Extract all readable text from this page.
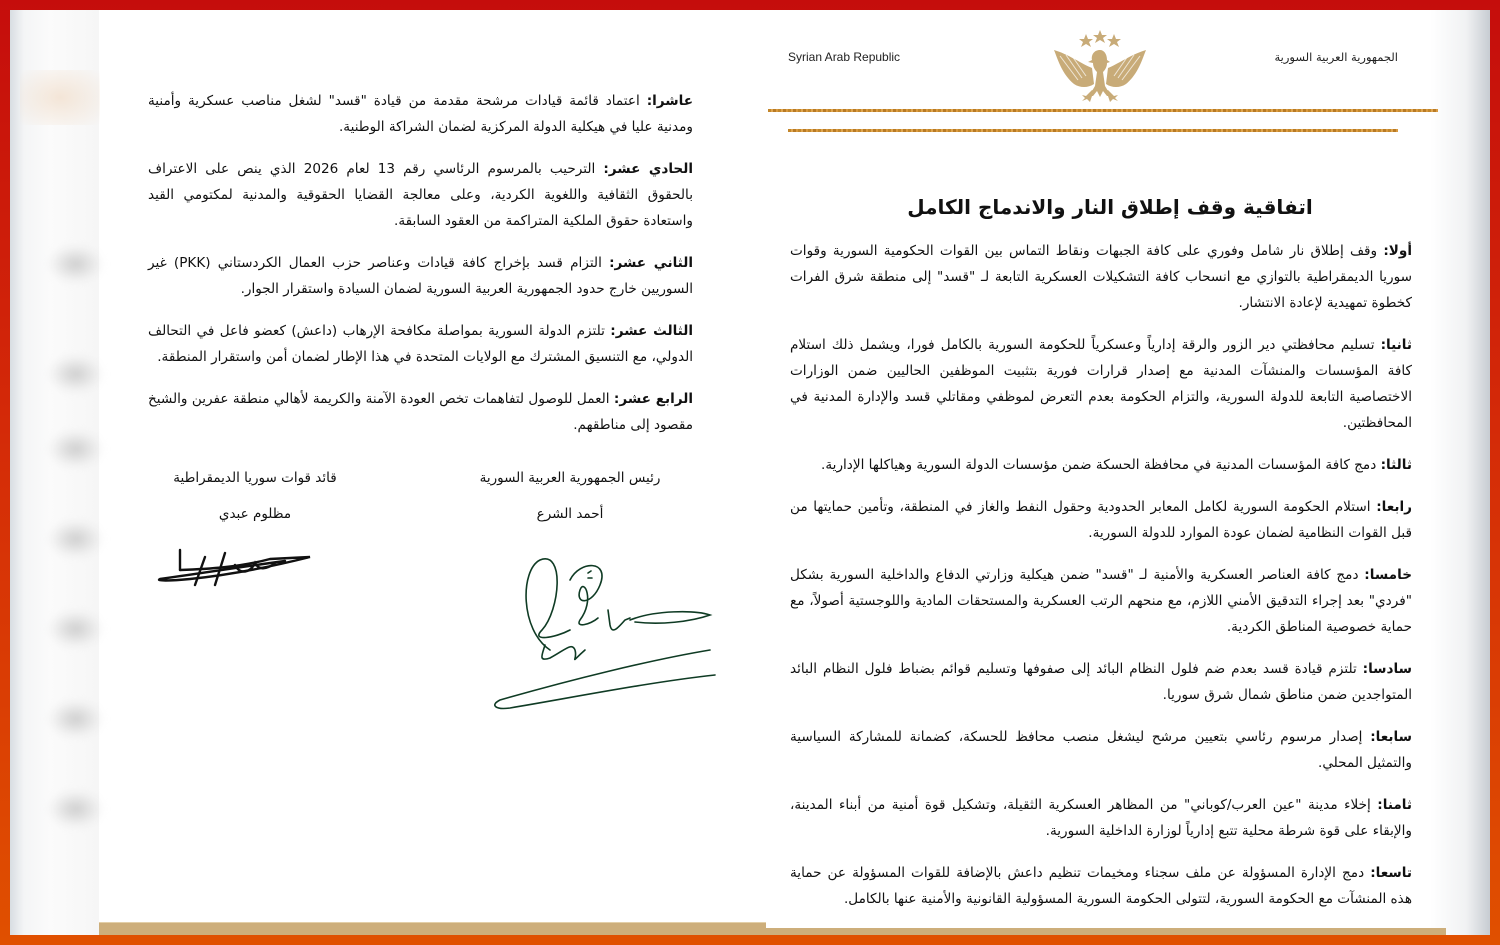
Syrian Arab Republic	الجمهورية العربية السورية
اتفاقية وقف إطلاق النار والاندماج الكامل

أولا: وقف إطلاق نار شامل وفوري على كافة الجبهات ونقاط التماس بين القوات الحكومية السورية وقوات سوريا الديمقراطية بالتوازي مع انسحاب كافة التشكيلات العسكرية التابعة لـ "قسد" إلى منطقة شرق الفرات كخطوة تمهيدية لإعادة الانتشار.

ثانيا: تسليم محافظتي دير الزور والرقة إدارياً وعسكرياً للحكومة السورية بالكامل فورا، ويشمل ذلك استلام كافة المؤسسات والمنشآت المدنية مع إصدار قرارات فورية بتثبيت الموظفين الحاليين ضمن الوزارات الاختصاصية التابعة للدولة السورية، والتزام الحكومة بعدم التعرض لموظفي ومقاتلي قسد والإدارة المدنية في المحافظتين.

ثالثا: دمج كافة المؤسسات المدنية في محافظة الحسكة ضمن مؤسسات الدولة السورية وهياكلها الإدارية.

رابعا: استلام الحكومة السورية لكامل المعابر الحدودية وحقول النفط والغاز في المنطقة، وتأمين حمايتها من قبل القوات النظامية لضمان عودة الموارد للدولة السورية.

خامسا: دمج كافة العناصر العسكرية والأمنية لـ "قسد" ضمن هيكلية وزارتي الدفاع والداخلية السورية بشكل "فردي" بعد إجراء التدقيق الأمني اللازم، مع منحهم الرتب العسكرية والمستحقات المادية واللوجستية أصولاً، مع حماية خصوصية المناطق الكردية.

سادسا: تلتزم قيادة قسد بعدم ضم فلول النظام البائد إلى صفوفها وتسليم قوائم بضباط فلول النظام البائد المتواجدين ضمن مناطق شمال شرق سوريا.

سابعا: إصدار مرسوم رئاسي بتعيين مرشح ليشغل منصب محافظ للحسكة، كضمانة للمشاركة السياسية والتمثيل المحلي.

ثامنا: إخلاء مدينة "عين العرب/كوباني" من المظاهر العسكرية الثقيلة، وتشكيل قوة أمنية من أبناء المدينة، والإبقاء على قوة شرطة محلية تتبع إدارياً لوزارة الداخلية السورية.

تاسعا: دمج الإدارة المسؤولة عن ملف سجناء ومخيمات تنظيم داعش بالإضافة للقوات المسؤولة عن حماية هذه المنشآت مع الحكومة السورية، لتتولى الحكومة السورية المسؤولية القانونية والأمنية عنها بالكامل.

عاشرا: اعتماد قائمة قيادات مرشحة مقدمة من قيادة "قسد" لشغل مناصب عسكرية وأمنية ومدنية عليا في هيكلية الدولة المركزية لضمان الشراكة الوطنية.

الحادي عشر: الترحيب بالمرسوم الرئاسي رقم 13 لعام 2026 الذي ينص على الاعتراف بالحقوق الثقافية واللغوية الكردية، وعلى معالجة القضايا الحقوقية والمدنية لمكتومي القيد واستعادة حقوق الملكية المتراكمة من العقود السابقة.

الثاني عشر: التزام قسد بإخراج كافة قيادات وعناصر حزب العمال الكردستاني (PKK) غير السوريين خارج حدود الجمهورية العربية السورية لضمان السيادة واستقرار الجوار.

الثالث عشر: تلتزم الدولة السورية بمواصلة مكافحة الإرهاب (داعش) كعضو فاعل في التحالف الدولي، مع التنسيق المشترك مع الولايات المتحدة في هذا الإطار لضمان أمن واستقرار المنطقة.

الرابع عشر: العمل للوصول لتفاهمات تخص العودة الآمنة والكريمة لأهالي منطقة عفرين والشيخ مقصود إلى مناطقهم.

رئيس الجمهورية العربية السورية
أحمد الشرع
قائد قوات سوريا الديمقراطية
مظلوم عبدي
